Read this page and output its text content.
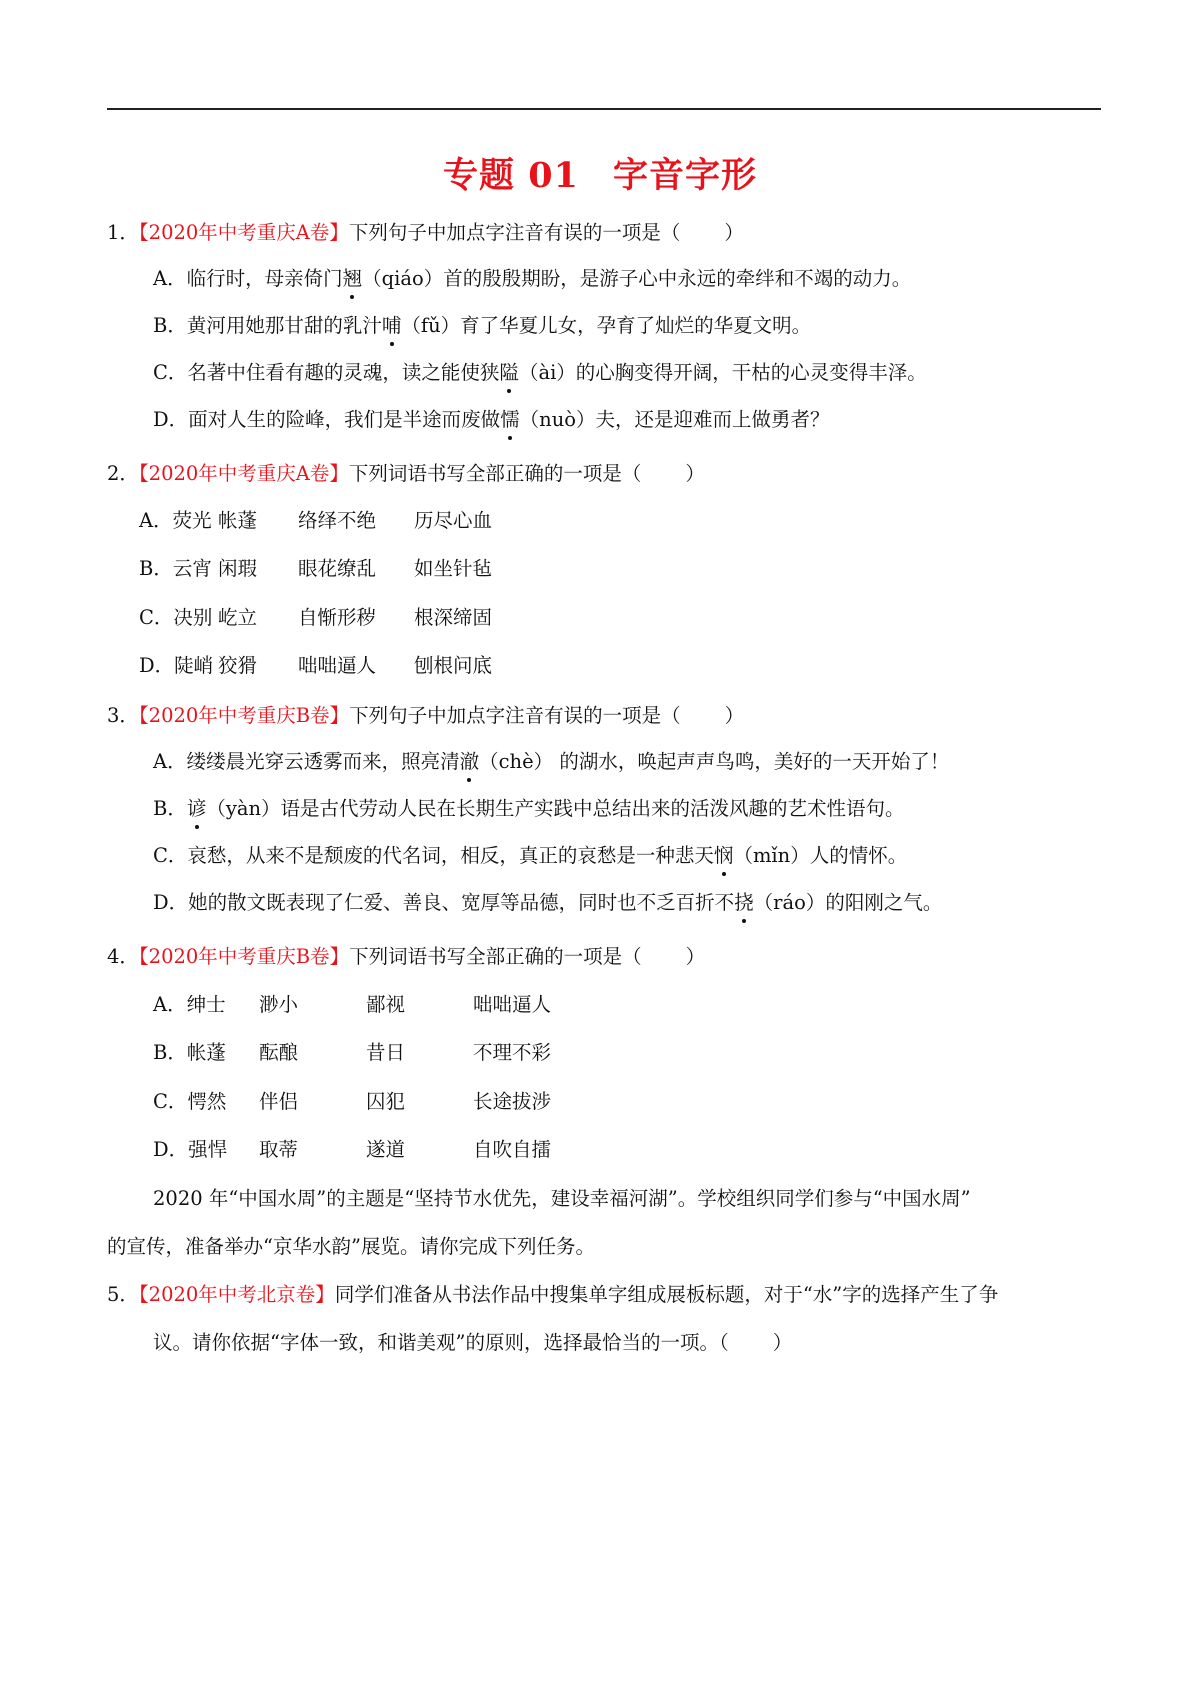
专题 01 字音字形
1．【2020年中考重庆A卷】下列句子中加点字注音有误的一项是（ ）
A．临行时，母亲倚门翘（qiáo）首的殷殷期盼，是游子心中永远的牵绊和不竭的动力。
B．黄河用她那甘甜的乳汁哺（fǔ）育了华夏儿女，孕育了灿烂的华夏文明。
C．名著中住看有趣的灵魂，读之能使狭隘（ài）的心胸变得开阔，干枯的心灵变得丰泽。
D．面对人生的险峰，我们是半途而废做懦（nuò）夫，还是迎难而上做勇者？
2．【2020年中考重庆A卷】下列词语书写全部正确的一项是（ ）
A．荧光 帐蓬 络绎不绝 历尽心血
B．云宵 闲瑕 眼花缭乱 如坐针毡
C．决别 屹立 自惭形秽 根深缔固
D．陡峭 狡猾 咄咄逼人 刨根问底
3．【2020年中考重庆B卷】下列句子中加点字注音有误的一项是（ ）
A．缕缕晨光穿云透雾而来，照亮清澈（chè） 的湖水，唤起声声鸟鸣，美好的一天开始了！
B．谚（yàn）语是古代劳动人民在长期生产实践中总结出来的活泼风趣的艺术性语句。
C．哀愁，从来不是颓废的代名词，相反，真正的哀愁是一种悲天悯（mǐn）人的情怀。
D．她的散文既表现了仁爱、善良、宽厚等品德，同时也不乏百折不挠（ráo）的阳刚之气。
4．【2020年中考重庆B卷】下列词语书写全部正确的一项是（ ）
A．绅士 渺小	鄙视	咄咄逼人
B．帐蓬 酝酿	昔日	不理不彩
C．愕然 伴侣	囚犯	长途拔涉
D．强悍 取蒂	遂道	自吹自擂
2020 年“中国水周”的主题是“坚持节水优先，建设幸福河湖”。学校组织同学们参与“中国水周”
的宣传，准备举办“京华水韵”展览。请你完成下列任务。
5．【2020年中考北京卷】同学们准备从书法作品中搜集单字组成展板标题，对于“水”字的选择产生了争
议。请你依据“字体一致，和谐美观”的原则，选择最恰当的一项。（ ）
